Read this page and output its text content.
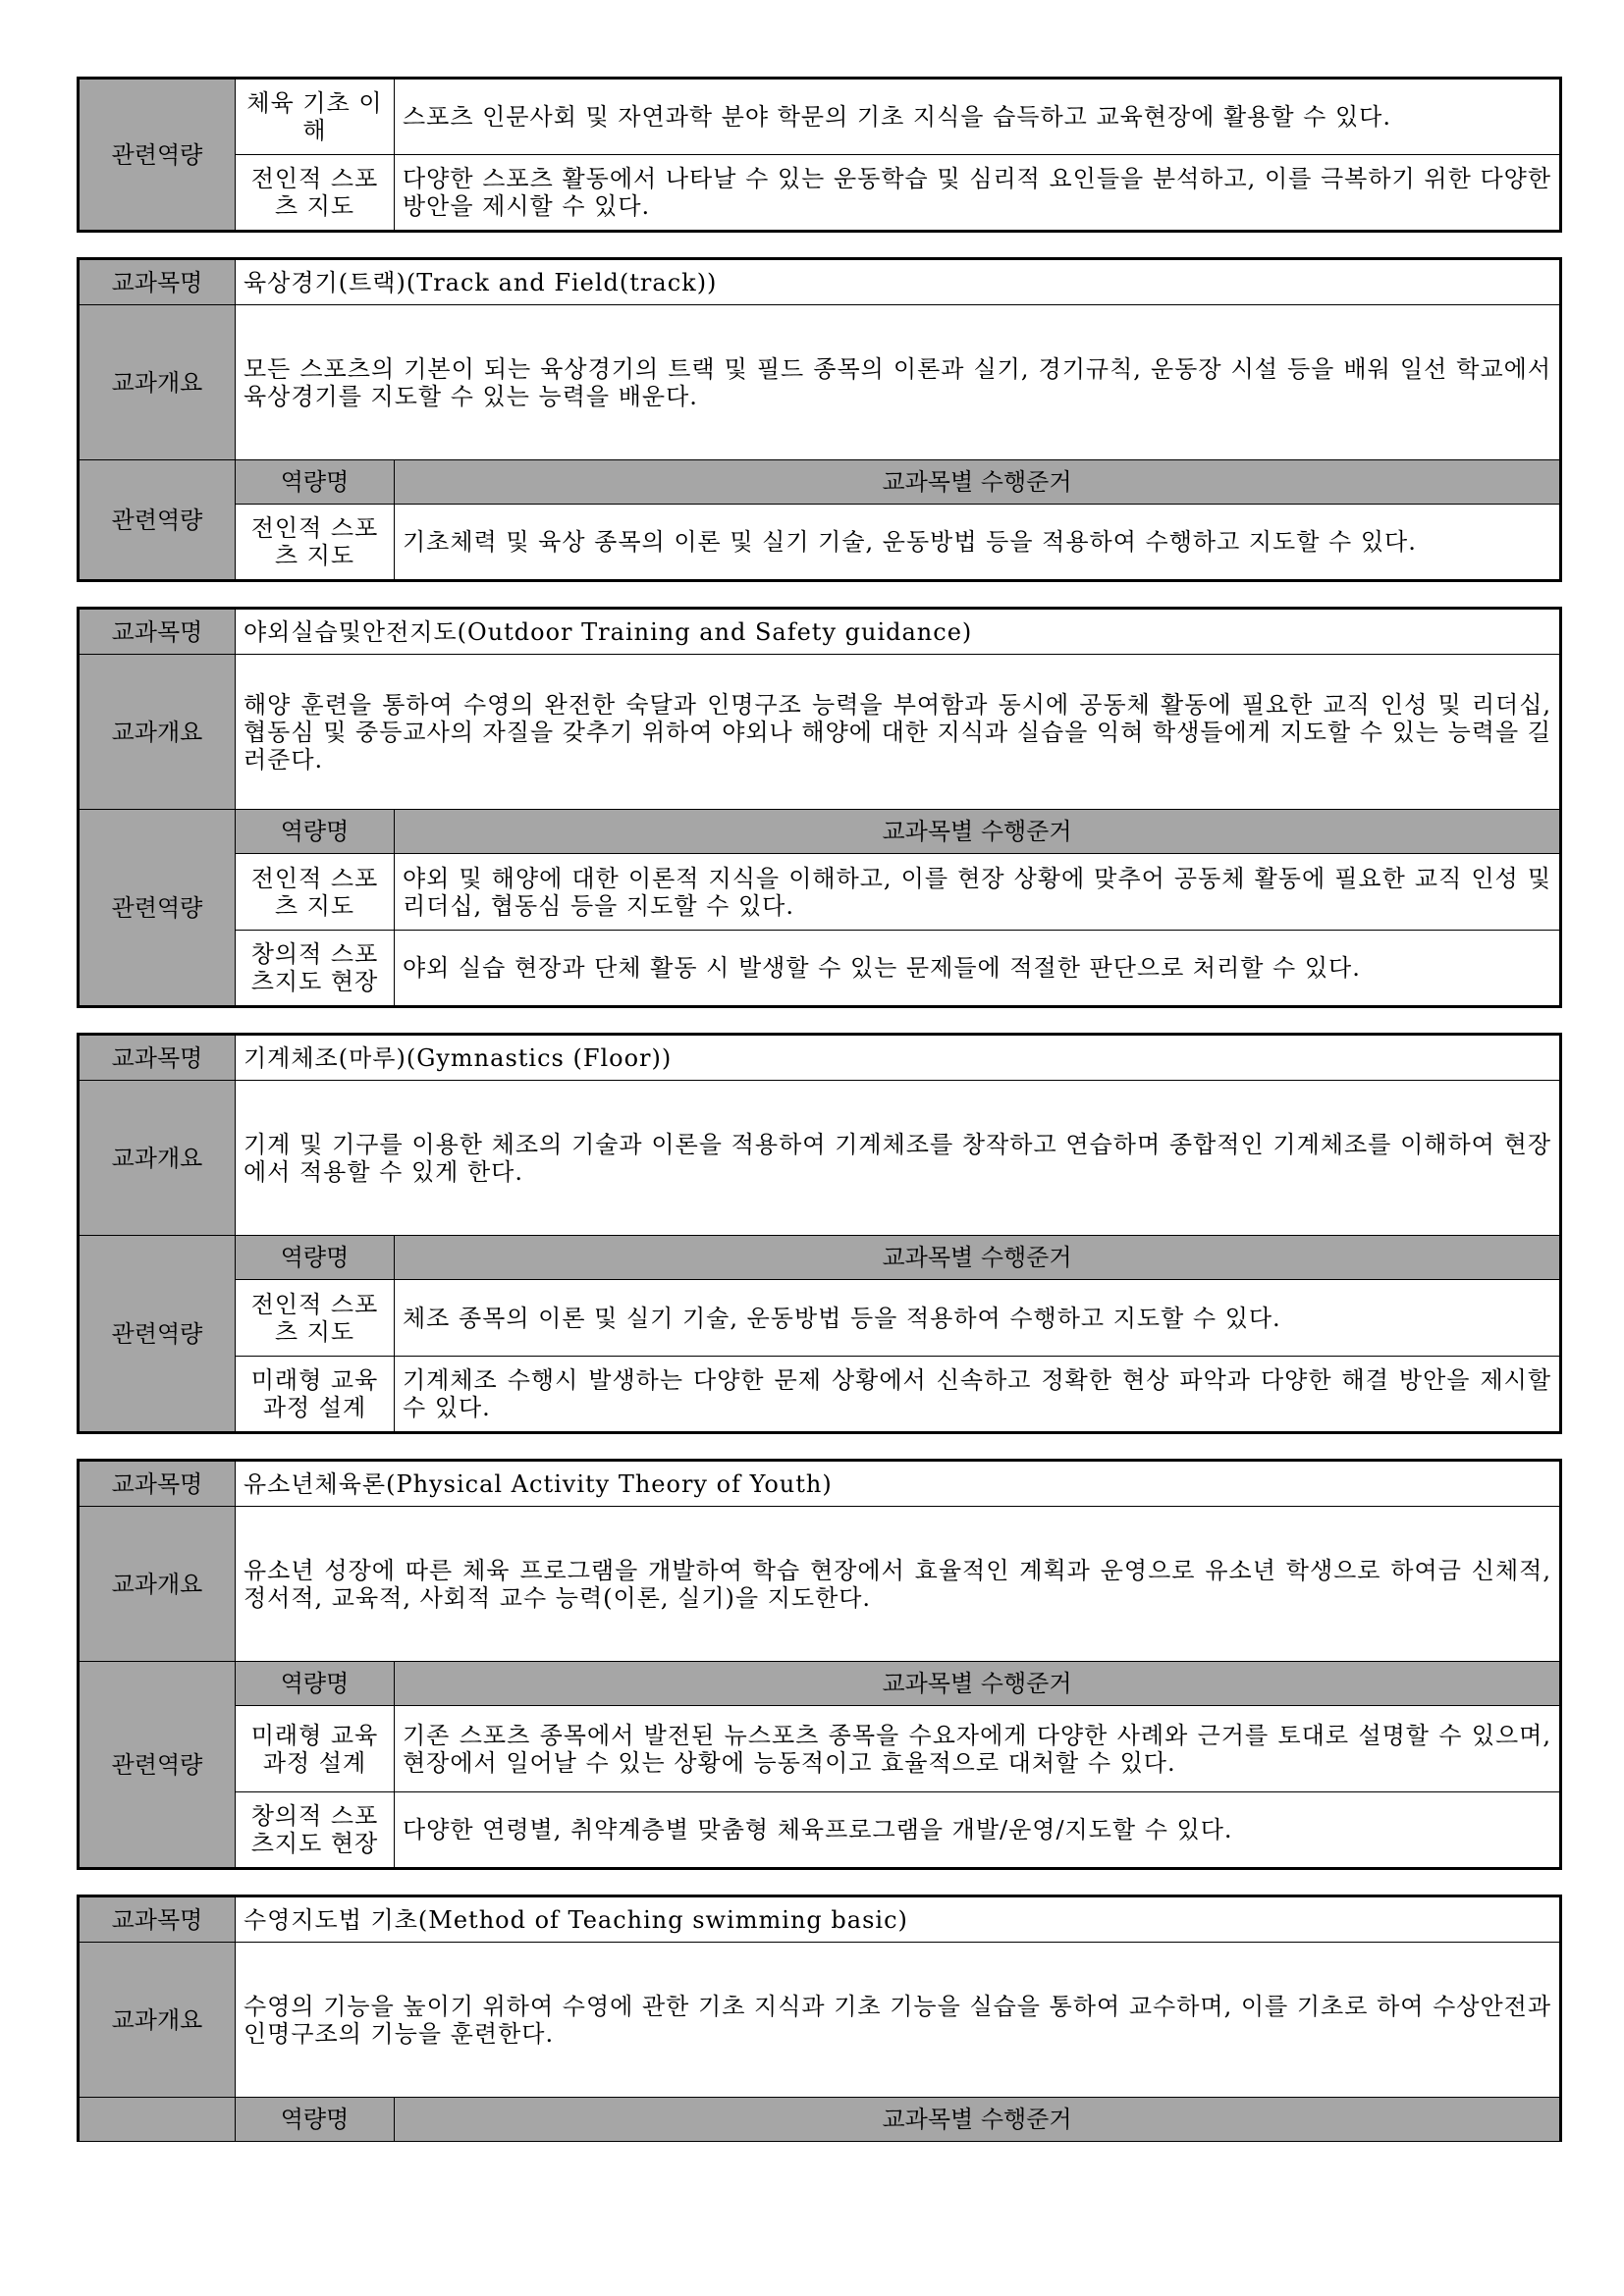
관련역량	체육 기초 이해	스포츠 인문사회 및 자연과학 분야 학문의 기초 지식을 습득하고 교육현장에 활용할 수 있다.
	전인적 스포츠 지도	다양한 스포츠 활동에서 나타날 수 있는 운동학습 및 심리적 요인들을 분석하고, 이를 극복하기 위한 다양한 방안을 제시할 수 있다.
교과목명	육상경기(트랙)(Track and Field(track))	
교과개요	모든 스포츠의 기본이 되는 육상경기의 트랙 및 필드 종목의 이론과 실기, 경기규칙, 운동장 시설 등을 배워 일선 학교에서 육상경기를 지도할 수 있는 능력을 배운다.	
관련역량	역량명	교과목별 수행준거
	전인적 스포츠 지도	기초체력 및 육상 종목의 이론 및 실기 기술, 운동방법 등을 적용하여 수행하고 지도할 수 있다.
교과목명	야외실습및안전지도(Outdoor Training and Safety guidance)	
교과개요	해양 훈련을 통하여 수영의 완전한 숙달과 인명구조 능력을 부여함과 동시에 공동체 활동에 필요한 교직 인성 및 리더십, 협동심 및 중등교사의 자질을 갖추기 위하여 야외나 해양에 대한 지식과 실습을 익혀 학생들에게 지도할 수 있는 능력을 길러준다.	
관련역량	역량명	교과목별 수행준거
	전인적 스포츠 지도	야외 및 해양에 대한 이론적 지식을 이해하고, 이를 현장 상황에 맞추어 공동체 활동에 필요한 교직 인성 및 리더십, 협동심 등을 지도할 수 있다.
	창의적 스포츠지도 현장	야외 실습 현장과 단체 활동 시 발생할 수 있는 문제들에 적절한 판단으로 처리할 수 있다.
교과목명	기계체조(마루)(Gymnastics (Floor))	
교과개요	기계 및 기구를 이용한 체조의 기술과 이론을 적용하여 기계체조를 창작하고 연습하며 종합적인 기계체조를 이해하여 현장에서 적용할 수 있게 한다.	
관련역량	역량명	교과목별 수행준거
	전인적 스포츠 지도	체조 종목의 이론 및 실기 기술, 운동방법 등을 적용하여 수행하고 지도할 수 있다.
	미래형 교육과정 설계	기계체조 수행시 발생하는 다양한 문제 상황에서 신속하고 정확한 현상 파악과 다양한 해결 방안을 제시할 수 있다.
교과목명	유소년체육론(Physical Activity Theory of Youth)	
교과개요	유소년 성장에 따른 체육 프로그램을 개발하여 학습 현장에서 효율적인 계획과 운영으로 유소년 학생으로 하여금 신체적, 정서적, 교육적, 사회적 교수 능력(이론, 실기)을 지도한다.	
관련역량	역량명	교과목별 수행준거
	미래형 교육과정 설계	기존 스포츠 종목에서 발전된 뉴스포츠 종목을 수요자에게 다양한 사례와 근거를 토대로 설명할 수 있으며, 현장에서 일어날 수 있는 상황에 능동적이고 효율적으로 대처할 수 있다.
	창의적 스포츠지도 현장	다양한 연령별, 취약계층별 맞춤형 체육프로그램을 개발/운영/지도할 수 있다.
교과목명	수영지도법 기초(Method of Teaching swimming basic)	
교과개요	수영의 기능을 높이기 위하여 수영에 관한 기초 지식과 기초 기능을 실습을 통하여 교수하며, 이를 기초로 하여 수상안전과 인명구조의 기능을 훈련한다.	
	역량명	교과목별 수행준거
